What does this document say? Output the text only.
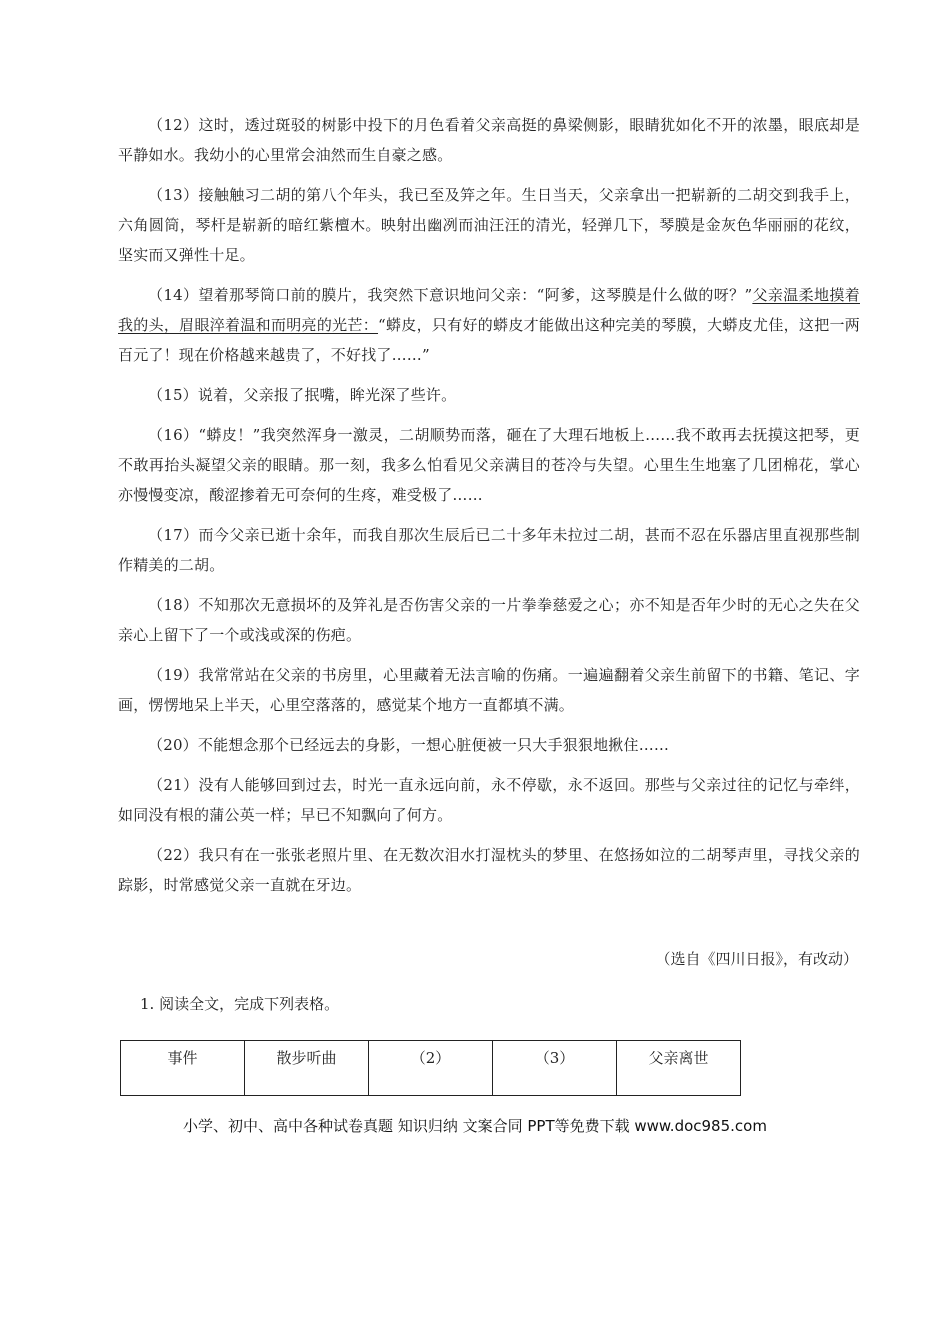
（12）这时，透过斑驳的树影中投下的月色看着父亲高挺的鼻梁侧影，眼睛犹如化不开的浓墨，眼底却是平静如水。我幼小的心里常会油然而生自豪之感。

（13）接触触习二胡的第八个年头，我已至及笄之年。生日当天，父亲拿出一把崭新的二胡交到我手上，六角圆筒，琴杆是崭新的暗红紫檀木。映射出幽冽而油汪汪的清光，轻弹几下，琴膜是金灰色华丽丽的花纹，坚实而又弹性十足。

（14）望着那琴筒口前的膜片，我突然下意识地问父亲：“阿爹，这琴膜是什么做的呀？”父亲温柔地摸着我的头，眉眼淬着温和而明亮的光芒：“蟒皮，只有好的蟒皮才能做出这种完美的琴膜，大蟒皮尤佳，这把一两百元了！现在价格越来越贵了，不好找了……”

（15）说着，父亲报了抿嘴，眸光深了些许。

（16）“蟒皮！”我突然浑身一激灵，二胡顺势而落，砸在了大理石地板上……我不敢再去抚摸这把琴，更不敢再抬头凝望父亲的眼睛。那一刻，我多么怕看见父亲满目的苍冷与失望。心里生生地塞了几团棉花，掌心亦慢慢变凉，酸涩掺着无可奈何的生疼，难受极了……

（17）而今父亲已逝十余年，而我自那次生辰后已二十多年未拉过二胡，甚而不忍在乐器店里直视那些制作精美的二胡。

（18）不知那次无意损坏的及笄礼是否伤害父亲的一片拳拳慈爱之心；亦不知是否年少时的无心之失在父亲心上留下了一个或浅或深的伤疤。

（19）我常常站在父亲的书房里，心里藏着无法言喻的伤痛。一遍遍翻着父亲生前留下的书籍、笔记、字画，愣愣地呆上半天，心里空落落的，感觉某个地方一直都填不满。

（20）不能想念那个已经远去的身影，一想心脏便被一只大手狠狠地揪住……

（21）没有人能够回到过去，时光一直永远向前，永不停歇，永不返回。那些与父亲过往的记忆与牵绊，如同没有根的蒲公英一样；早已不知飘向了何方。

（22）我只有在一张张老照片里、在无数次泪水打湿枕头的梦里、在悠扬如泣的二胡琴声里，寻找父亲的踪影，时常感觉父亲一直就在牙边。

（选自《四川日报》，有改动）
1. 阅读全文，完成下列表格。
事件	散步听曲	（2）	（3）	父亲离世
小学、初中、高中各种试卷真题 知识归纳 文案合同 PPT等免费下载 www.doc985.com
